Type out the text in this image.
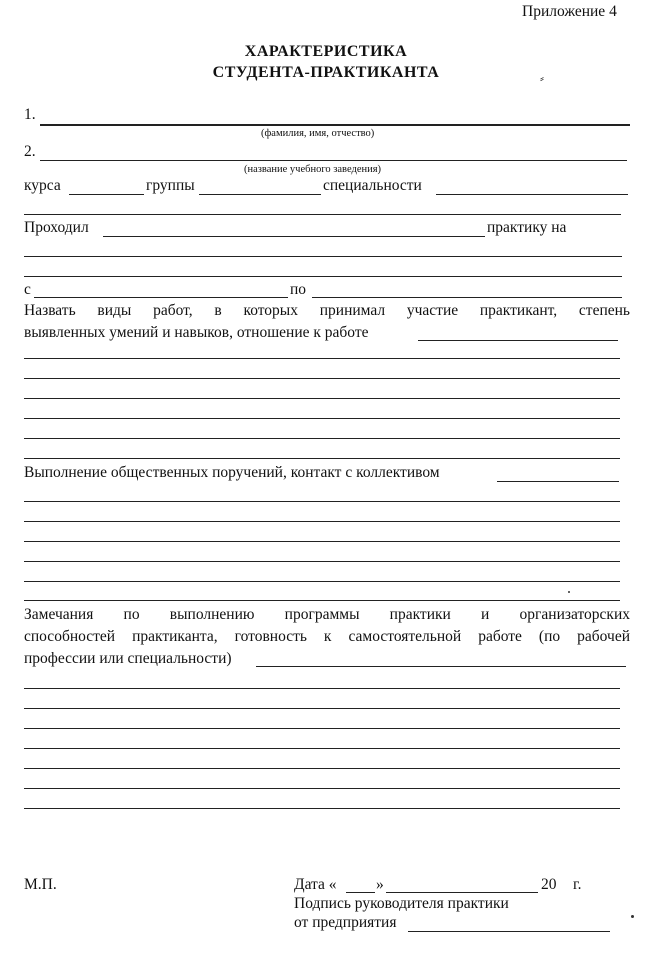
Приложение 4
ХАРАКТЕРИСТИКА
СТУДЕНТА-ПРАКТИКАНТА	⸗
1.
(фамилия, имя, отчество)
2.
(название учебного заведения)
курса	группы	специальности
Проходил	практику на
с	по
Назвать виды работ, в которых принимал участие практикант, степень
выявленных умений и навыков, отношение к работе
Выполнение общественных поручений, контакт с коллективом
Замечания по выполнению программы практики и организаторских
способностей практиканта, готовность к самостоятельной работе (по рабочей
профессии или специальности)
М.П.	Дата «	»	20 г.
Подпись руководителя практики
от предприятия
